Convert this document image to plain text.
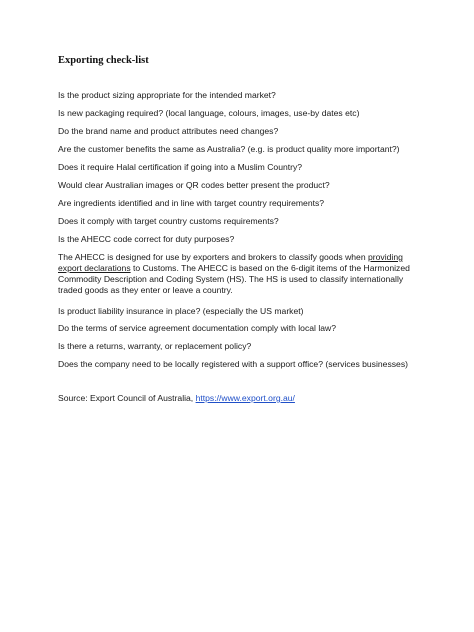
Exporting check-list
Is the product sizing appropriate for the intended market?
Is new packaging required? (local language, colours, images, use-by dates etc)
Do the brand name and product attributes need changes?
Are the customer benefits the same as Australia? (e.g. is product quality more important?)
Does it require Halal certification if going into a Muslim Country?
Would clear Australian images or QR codes better present the product?
Are ingredients identified and in line with target country requirements?
Does it comply with target country customs requirements?
Is the AHECC code correct for duty purposes?
The AHECC is designed for use by exporters and brokers to classify goods when providing export declarations to Customs. The AHECC is based on the 6-digit items of the Harmonized Commodity Description and Coding System (HS). The HS is used to classify internationally traded goods as they enter or leave a country.
Is product liability insurance in place? (especially the US market)
Do the terms of service agreement documentation comply with local law?
Is there a returns, warranty, or replacement policy?
Does the company need to be locally registered with a support office? (services businesses)
Source: Export Council of Australia, https://www.export.org.au/
